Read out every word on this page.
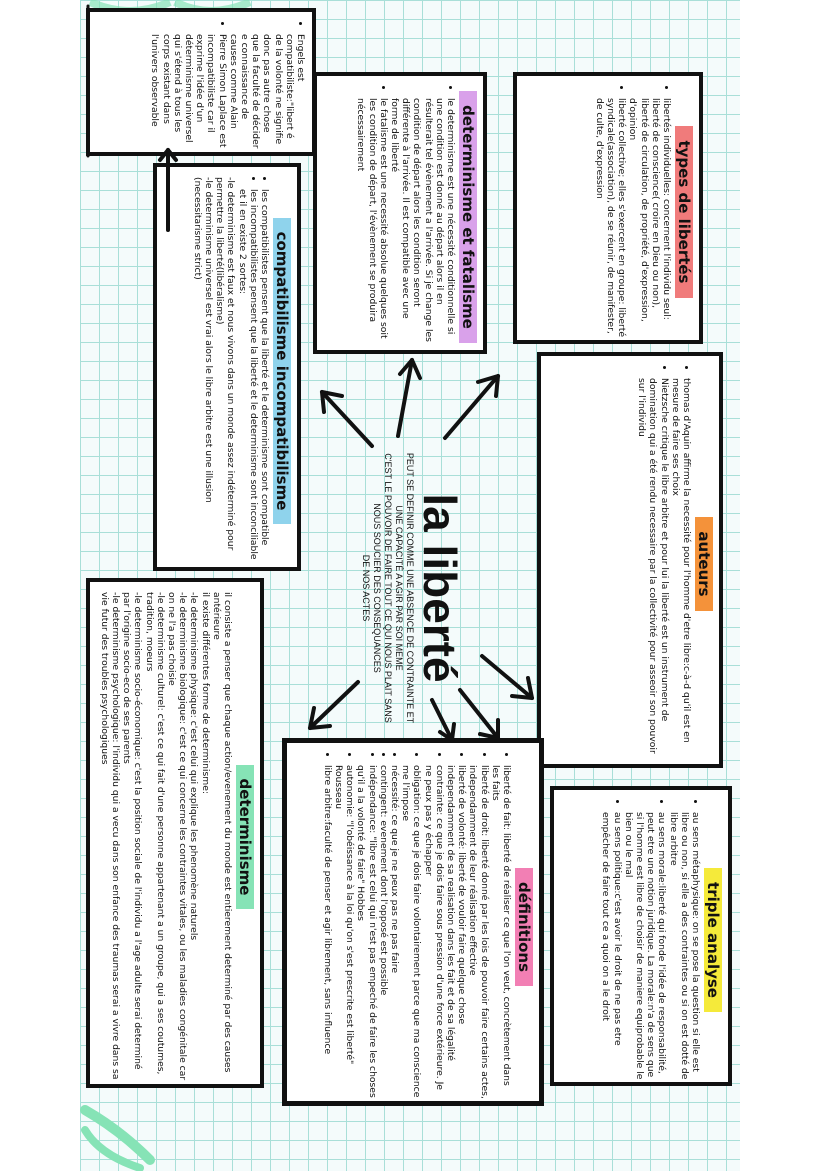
• Engels est compatibiliste:"libert é de la volonté ne signifie donc pas autre chose que la faculté de décider e connaissance de causes comme Alain
• Pierre Simon Laplace est incompatibiliste car il exprime l'idée d'un déterminisme universel qui s'étend à tous les corps existant dans l'univers observable
compatibilisme incompatibilisme
• les compatibilistes pensent que la liberté et le determinisme sont compatible
• les incompatibilistes pensent que la liberté et le determinisme sont inconciliable et il en existe 2 sortes:

-le determinisme est faux et nous vivons dans un monde assez indéterminé pour permettre la liberté(libéralisme)

-le determinisme universel est vrai alors le libre arbitre est une illusion (necessitarisme strict)	determinisme et fatalisme
• le determinisme est une nécessité conditionnelle si une condition est donné au départ alors il en résulterait tel évènement a l'arrivée. Si je change les condition de départ alors les condition seront différente à l'arrivée. Il est compatible avec une forme de liberté
• le fatalisme est une necessité absolue quelques soit les condition de départ, l'évènement se produira nécessairement
types de libertés
• libertés individuelles: concernent l'individu seul: liberté de conscience( croire en Dieu ou non), liberté de circulation, de propriété, d'expression, d'opinion
• liberté collective; elles s'exercent en groupe: liberté syndicale(association), de se réunir, de manifester, de culte, d'expression
auteurs
• thomas d'Aquin affirme la necessité pour l'homme d'etre libre:c-à-d qu'il est en mesure de faire ses choix
• Nietzsche critique le libre arbitre et pour lui la liberté est un instrument de domination qui a été rendu necessaire par la collectivité pour asseoir son pouvoir sur l'individu
la liberté
PEUT SE DEFINIR COMME UNE ABSENCE DE CONTRAINTE ET
UNE CAPACITÉ A AGIR PAR SOI MEME
C'EST LE POUVOIR DE FAIRE TOUT CE QUI NOUS PLAIT SANS
NOUS SOUCIER DES CONSEQUANCES
DE NOS ACTES
determinisme

il consiste a penser que chaque action/evenement du monde est entierement determiné par des causes antérieure

il existe différentes forme de determinisme:

-le determinisme physique: c'est celui qui explique les phenomène naturels

-le determinisme biologique: c'est ce qui concerne les contraintes vitales, ou les maladies congénitale car on ne l'a pas choisie

-le determinisme culturel: c'est ce qui fait d'une personne appartenant a un groupe, qui a ses coutumes, tradition, moeurs

-le determinisme socio-économique: c'est la position sociale de l'individu a l'age adulte serai determiné par l'origine socio-eco de ses parents

-le determinisme psychologique: l'individu qui a vecu dans son enfance des traumas serai a vivre dans sa vie futur des troubles psychologiques

définitions
• liberté de fait: liberté de réaliser ce que l'on veut, concrètement dans les faits
• liberté de droit: liberté donné par les lois de pouvoir faire certains actes, independamment de leur réalisation effective
• liberté de volonté: liberté de vouloir faire quelque chose independamment de sa realisation dans les fait et de sa légalité
• contrainte: ce que je dois faire sous pression d'une force extérieure. Je ne peux pas y échapper
• obligation: ce que je dois faire volontairement parce que ma conscience me l'impose
• nécessité: ce que je ne peux pas ne pas faire
• contingent: evenement dont l'opposé est possible
• indépendance: "libre est celui qui n'est pas empeché de faire les choses qu'il a la volonté de faire" Hobbes
• autonomie: "l'obéissance à la loi qu'on s'est prescrite est liberté" Rousseau
• libre arbitre:faculté de penser et agir librement, sans influence	triple analyse
• au sens métaphysique: on se pose la question si elle est libre ou non, si elle a des contraintes ou si on est dotté de libre arbitre
• au sens morale:liberté qui fonde l'idée de responsabilité, peut etre une notion juridique. La morale:n'a de sens que si l'homme est libre de choisir de maniere equiprobable le bien ou le mal
• au sens politique:c'est avoir le droit de ne pas etre empêcher de faire tout ce a quoi on a le droit
